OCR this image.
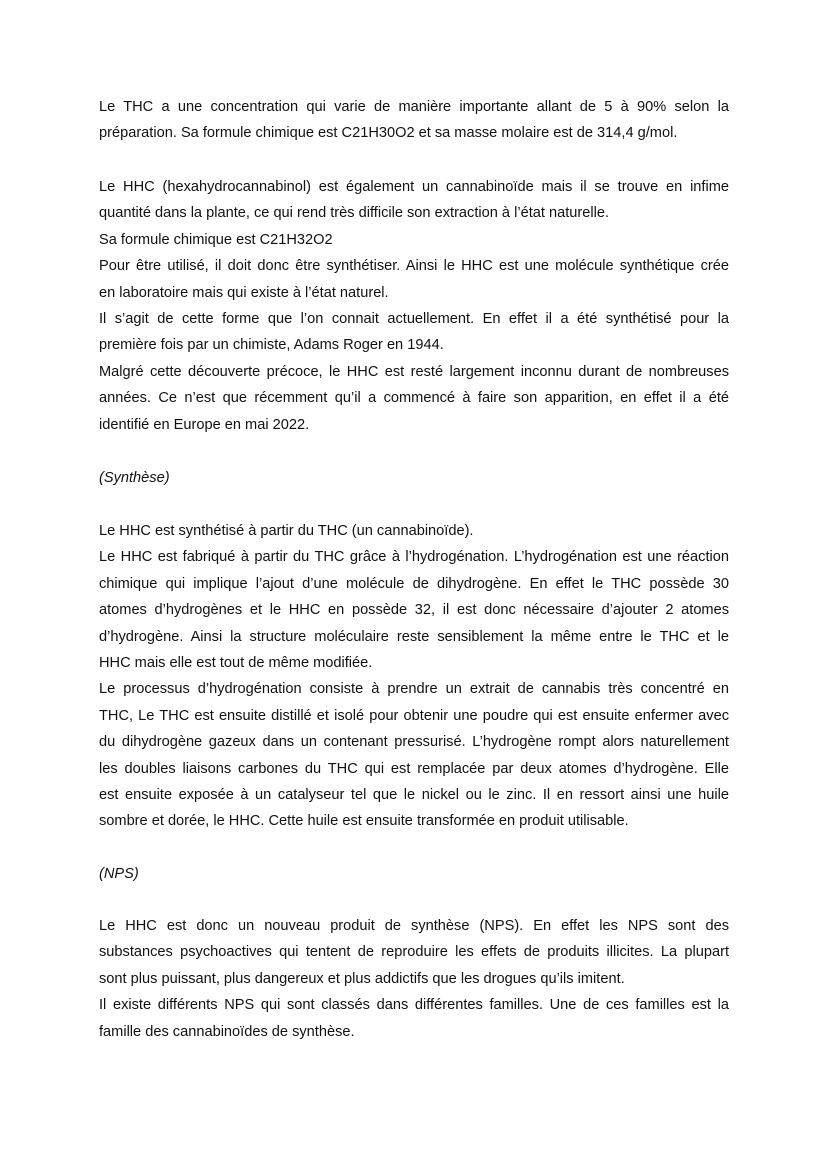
Le THC a une concentration qui varie de manière importante allant de 5 à 90% selon la
préparation. Sa formule chimique est C21H30O2 et sa masse molaire est de 314,4 g/mol.
Le HHC (hexahydrocannabinol) est également un cannabinoïde mais il se trouve en infime
quantité dans la plante, ce qui rend très difficile son extraction à l’état naturelle.
Sa formule chimique est C21H32O2
Pour être utilisé, il doit donc être synthétiser. Ainsi le HHC est une molécule synthétique crée
en laboratoire mais qui existe à l’état naturel.
Il s’agit de cette forme que l’on connait actuellement. En effet il a été synthétisé pour la
première fois par un chimiste, Adams Roger en 1944.
Malgré cette découverte précoce, le HHC est resté largement inconnu durant de nombreuses
années. Ce n’est que récemment qu’il a commencé à faire son apparition, en effet il a été
identifié en Europe en mai 2022.
(Synthèse)
Le HHC est synthétisé à partir du THC (un cannabinoïde).
Le HHC est fabriqué à partir du THC grâce à l’hydrogénation. L’hydrogénation est une réaction
chimique qui implique l’ajout d’une molécule de dihydrogène. En effet le THC possède 30
atomes d’hydrogènes et le HHC en possède 32, il est donc nécessaire d’ajouter 2 atomes
d’hydrogène. Ainsi la structure moléculaire reste sensiblement la même entre le THC et le
HHC mais elle est tout de même modifiée.
Le processus d’hydrogénation consiste à prendre un extrait de cannabis très concentré en
THC, Le THC est ensuite distillé et isolé pour obtenir une poudre qui est ensuite enfermer avec
du dihydrogène gazeux dans un contenant pressurisé. L’hydrogène rompt alors naturellement
les doubles liaisons carbones du THC qui est remplacée par deux atomes d’hydrogène. Elle
est ensuite exposée à un catalyseur tel que le nickel ou le zinc. Il en ressort ainsi une huile
sombre et dorée, le HHC. Cette huile est ensuite transformée en produit utilisable.
(NPS)
Le HHC est donc un nouveau produit de synthèse (NPS). En effet les NPS sont des
substances psychoactives qui tentent de reproduire les effets de produits illicites. La plupart
sont plus puissant, plus dangereux et plus addictifs que les drogues qu’ils imitent.
Il existe différents NPS qui sont classés dans différentes familles. Une de ces familles est la
famille des cannabinoïdes de synthèse.
